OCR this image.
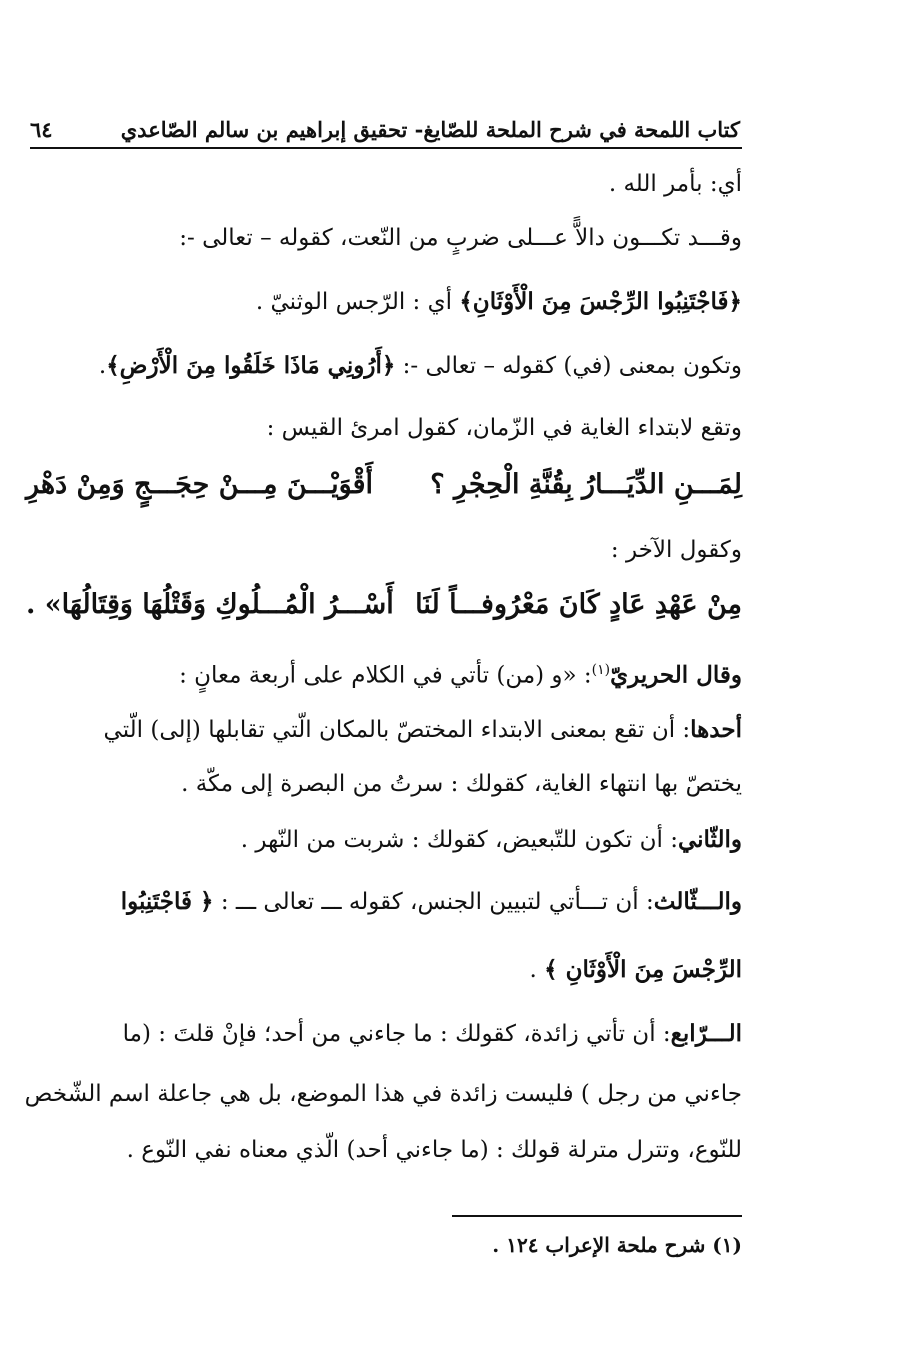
كتاب اللمحة في شرح الملحة للصّايغ- تحقيق إبراهيم بن سالم الصّاعدي
٦٤
أي: بأمر الله .
وقـــد تكـــون دالاًّ عـــلى ضربٍ من النّعت، كقوله – تعالى -:
﴿فَاجْتَنِبُوا الرِّجْسَ مِنَ الْأَوْثَانِ﴾ أي : الرّجس الوثنيّ .
وتكون بمعنى (في) كقوله – تعالى -: ﴿أَرُونِي مَاذَا خَلَقُوا مِنَ الْأَرْضِ﴾.
وتقع لابتداء الغاية في الزّمان، كقول امرئ القيس :
لِمَـــنِ الدِّيَـــارُ بِقُنَّةِ الْحِجْرِ ؟
أَقْوَيْـــنَ مِـــنْ حِجَـــجٍ وَمِنْ دَهْرِ
وكقول الآخر :
مِنْ عَهْدِ عَادٍ كَانَ مَعْرُوفـــاً لَنَا
أَسْـــرُ الْمُـــلُوكِ وَقَتْلُهَا وَقِتَالُهَا» .
وقال الحريريّ$^{(١)}$: «و (من) تأتي في الكلام على أربعة معانٍ :
أحدها: أن تقع بمعنى الابتداء المختصّ بالمكان الّتي تقابلها (إلى) الّتي
يختصّ بها انتهاء الغاية، كقولك : سرتُ من البصرة إلى مكّة .
والثّاني: أن تكون للتّبعيض، كقولك : شربت من النّهر .
والـــثّالث: أن تـــأتي لتبيين الجنس، كقوله ـــ تعالى ـــ : ﴿ فَاجْتَنِبُوا
الرِّجْسَ مِنَ الْأَوْثَانِ ﴾ .
الـــرّابع: أن تأتي زائدة، كقولك : ما جاءني من أحد؛ فإنْ قلتَ : (ما
جاءني من رجل ) فليست زائدة في هذا الموضع، بل هي جاعلة اسم الشّخص
للنّوع، وتترل مترلة قولك : (ما جاءني أحد) الّذي معناه نفي النّوع .
(١) شرح ملحة الإعراب ١٢٤ .
